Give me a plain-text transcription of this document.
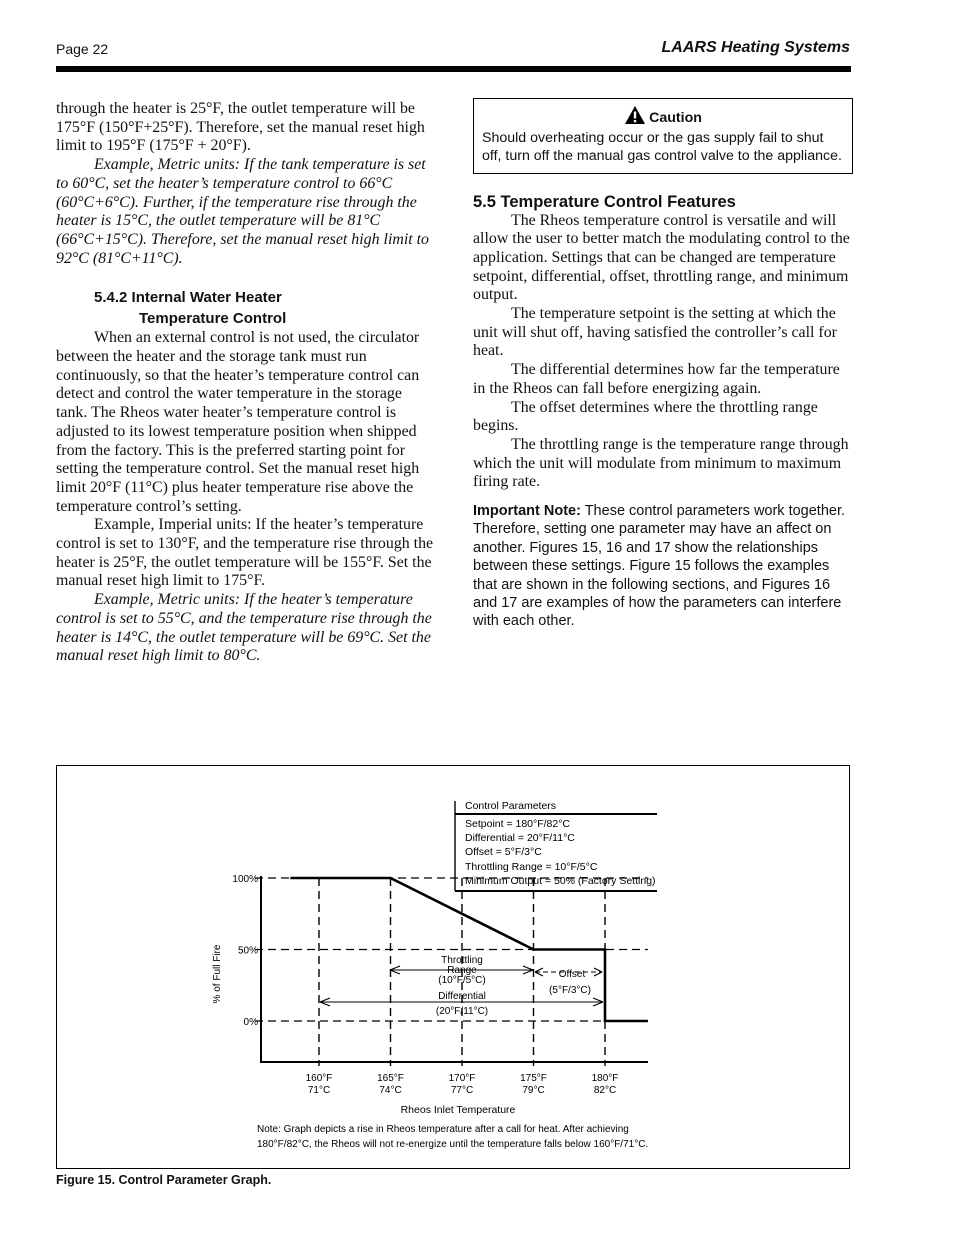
Page 22	LAARS Heating Systems

through the heater is 25°F, the outlet temperature will be 175°F (150°F+25°F). Therefore, set the manual reset high limit to 195°F (175°F + 20°F).

Example, Metric units: If the tank temperature is set to 60°C, set the heater’s temperature control to 66°C (60°C+6°C). Further, if the temperature rise through the heater is 15°C, the outlet temperature will be 81°C (66°C+15°C). Therefore, set the manual reset high limit to 92°C (81°C+11°C).

5.4.2 Internal Water Heater
Temperature Control

When an external control is not used, the circulator between the heater and the storage tank must run continuously, so that the heater’s temperature control can detect and control the water temperature in the storage tank. The Rheos water heater’s temperature control is adjusted to its lowest temperature position when shipped from the factory. This is the preferred starting point for setting the temperature control. Set the manual reset high limit 20°F (11°C) plus heater temperature rise above the temperature control’s setting.

Example, Imperial units: If the heater’s temperature control is set to 130°F, and the temperature rise through the heater is 25°F, the outlet temperature will be 155°F. Set the manual reset high limit to 175°F.

Example, Metric units: If the heater’s temperature control is set to 55°C, and the temperature rise through the heater is 14°C, the outlet temperature will be 69°C. Set the manual reset high limit to 80°C.

Caution
Should overheating occur or the gas supply fail to shut off, turn off the manual gas control valve to the appliance.
5.5 Temperature Control Features

The Rheos temperature control is versatile and will allow the user to better match the modulating control to the application. Settings that can be changed are temperature setpoint, differential, offset, throttling range, and minimum output.

The temperature setpoint is the setting at which the unit will shut off, having satisfied the controller’s call for heat.

The differential determines how far the temperature in the Rheos can fall before energizing again.

The offset determines where the throttling range begins.

The throttling range is the temperature range through which the unit will modulate from minimum to maximum firing rate.

Important Note: These control parameters work together. Therefore, setting one parameter may have an affect on another. Figures 15, 16 and 17 show the relationships between these settings. Figure 15 follows the examples that are shown in the following sections, and Figures 16 and 17 are examples of how the parameters can interfere with each other.

Control Parameters
Setpoint = 180°F/82°C
Differential = 20°F/11°C
Offset = 5°F/3°C
Throttling Range = 10°F/5°C
Minimum Output = 50% (Factory Setting)
% of Full Fire
Rheos Inlet Temperature
160°F
71°C
165°F
74°C
170°F
77°C
175°F
79°C
180°F
82°C
100%
50%
0%
Throttling
Range
(10°F/5°C)
Offset
(5°F/3°C)
Differential
(20°F/11°C)
Note: Graph depicts a rise in Rheos temperature after a call for heat. After achieving
180°F/82°C, the Rheos will not re-energize until the temperature falls below 160°F/71°C.
Figure 15. Control Parameter Graph.
